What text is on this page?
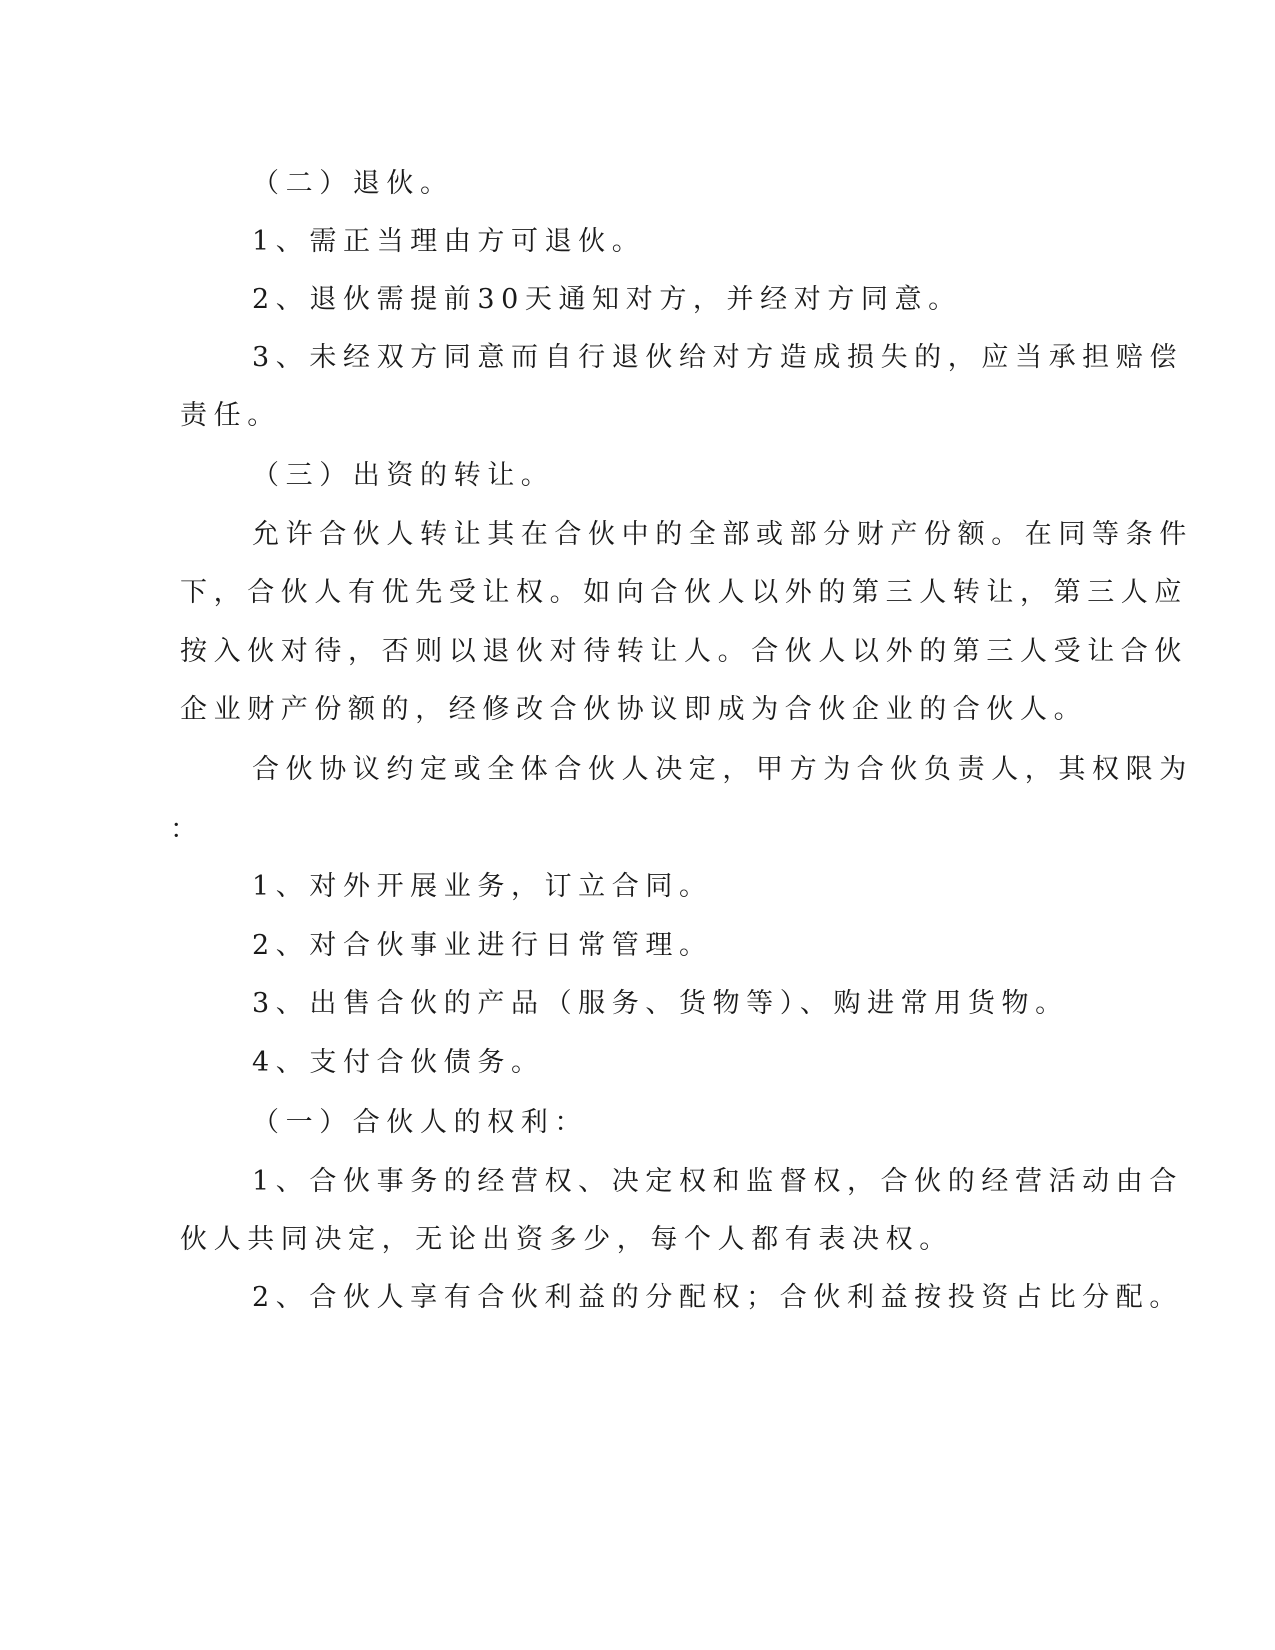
（二）退伙。
1、需正当理由方可退伙。
2、退伙需提前30天通知对方，并经对方同意。
3、未经双方同意而自行退伙给对方造成损失的，应当承担赔偿
责任。
（三）出资的转让。
允许合伙人转让其在合伙中的全部或部分财产份额。在同等条件
下，合伙人有优先受让权。如向合伙人以外的第三人转让，第三人应
按入伙对待，否则以退伙对待转让人。合伙人以外的第三人受让合伙
企业财产份额的，经修改合伙协议即成为合伙企业的合伙人。
合伙协议约定或全体合伙人决定，甲方为合伙负责人，其权限为
：
1、对外开展业务，订立合同。
2、对合伙事业进行日常管理。
3、出售合伙的产品（服务、货物等）、购进常用货物。
4、支付合伙债务。
（一）合伙人的权利：
1、合伙事务的经营权、决定权和监督权，合伙的经营活动由合
伙人共同决定，无论出资多少，每个人都有表决权。
2、合伙人享有合伙利益的分配权；合伙利益按投资占比分配。
